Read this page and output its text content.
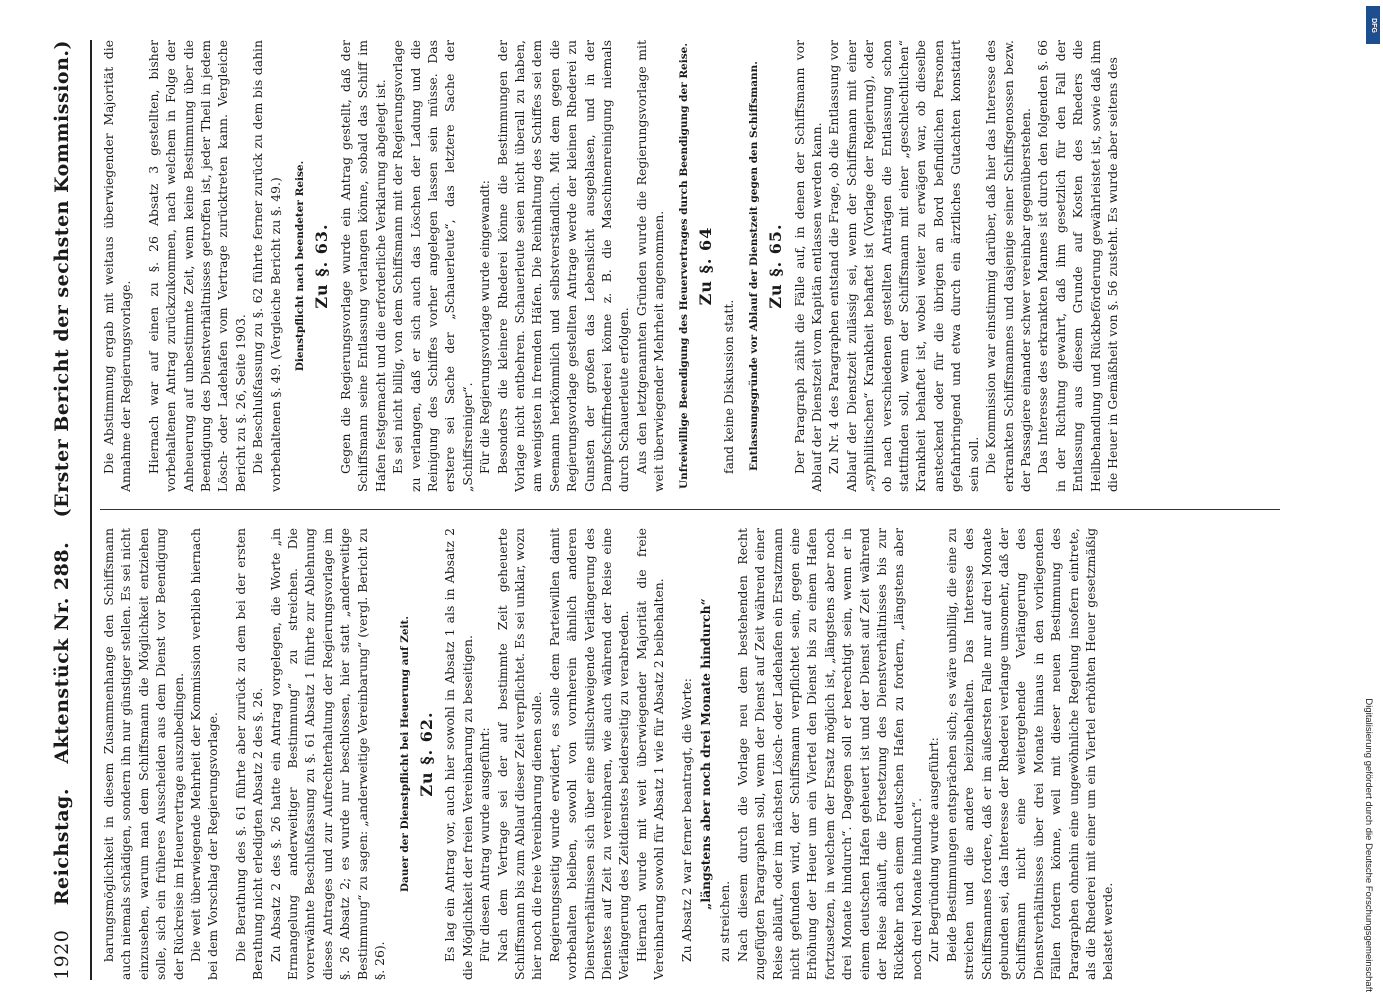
1920
Reichstag.
Aktenstück Nr. 288.
(Erster Bericht der sechsten Kommission.)

barungsmöglichkeit in diesem Zusammenhange den Schiffsmann auch niemals schädigen, sondern ihn nur günstiger stellen. Es sei nicht einzusehen, warum man dem Schiffsmann die Möglichkeit entziehen solle, sich ein früheres Ausscheiden aus dem Dienst vor Beendigung der Rückreise im Heuervertrage auszubedingen. Die weit überwiegende Mehrheit der Kommission verblieb hiernach bei dem Vorschlag der Regierungsvorlage. Die Berathung des §. 61 führte aber zurück zu dem bei der ersten Berathung nicht erledigten Absatz 2 des §. 26. Zu Absatz 2 des §. 26 hatte ein Antrag vorgelegen, die Worte „in Ermangelung anderweitiger Bestimmung“ zu streichen. Die vorerwähnte Beschlußfassung zu §. 61 Absatz 1 führte zur Ablehnung dieses Antrages und zur Aufrechterhaltung der Regierungsvorlage im §. 26 Absatz 2; es wurde nur beschlossen, hier statt „anderweitige Bestimmung“ zu sagen: „anderweitige Vereinbarung“ (vergl. Bericht zu §. 26).

Dauer der Dienstpflicht bei Heuerung auf Zeit. Zu §. 62. Es lag ein Antrag vor, auch hier sowohl in Absatz 1 als in Absatz 2 die Möglichkeit der freien Vereinbarung zu beseitigen. Für diesen Antrag wurde ausgeführt: Nach dem Vertrage sei der auf bestimmte Zeit geheuerte Schiffsmann bis zum Ablauf dieser Zeit verpflichtet. Es sei unklar, wozu hier noch die freie Vereinbarung dienen solle. Regierungsseitig wurde erwidert, es solle dem Parteiwillen damit vorbehalten bleiben, sowohl von vornherein ähnlich anderen Dienstverhältnissen sich über eine stillschweigende Verlängerung des Dienstes auf Zeit zu vereinbaren, wie auch während der Reise eine Verlängerung des Zeitdienstes beiderseitig zu verabreden. Hiernach wurde mit weit überwiegender Majorität die freie Vereinbarung sowohl für Absatz 1 wie für Absatz 2 beibehalten. Zu Absatz 2 war ferner beantragt, die Worte: „längstens aber noch drei Monate hindurch“

zu streichen. Nach diesem durch die Vorlage neu dem bestehenden Recht zugefügten Paragraphen soll, wenn der Dienst auf Zeit während einer Reise abläuft, oder im nächsten Lösch- oder Ladehafen ein Ersatzmann nicht gefunden wird, der Schiffsmann verpflichtet sein, gegen eine Erhöhung der Heuer um ein Viertel den Dienst bis zu einem Hafen fortzusetzen, in welchem der Ersatz möglich ist, „längstens aber noch drei Monate hindurch“. Dagegen soll er berechtigt sein, wenn er in einem deutschen Hafen geheuert ist und der Dienst auf Zeit während der Reise abläuft, die Fortsetzung des Dienstverhältnisses bis zur Rückkehr nach einem deutschen Hafen zu fordern, „längstens aber noch drei Monate hindurch“. Zur Begründung wurde ausgeführt: Beide Bestimmungen entsprächen sich; es wäre unbillig, die eine zu streichen und die andere beizubehalten. Das Interesse des Schiffsmannes fordere, daß er im äußersten Falle nur auf drei Monate gebunden sei, das Interesse der Rhederei verlange umsomehr, daß der Schiffsmann nicht eine weitergehende Verlängerung des Dienstverhältnisses über drei Monate hinaus in den vorliegenden Fällen fordern könne, weil mit dieser neuen Bestimmung des Paragraphen ohnehin eine ungewöhnliche Regelung insofern eintrete, als die Rhederei mit einer um ein Viertel erhöhten Heuer gesetzmäßig belastet werde.

Die Abstimmung ergab mit weitaus überwiegender Majorität die Annahme der Regierungsvorlage. Hiernach war auf einen zu §. 26 Absatz 3 gestellten, bisher vorbehaltenen Antrag zurückzukommen, nach welchem in Folge der Anheuerung auf unbestimmte Zeit, wenn keine Bestimmung über die Beendigung des Dienstverhältnisses getroffen ist, jeder Theil in jedem Lösch- oder Ladehafen vom Vertrage zurücktreten kann. Vergleiche Bericht zu §. 26, Seite 1903. Die Beschlußfassung zu §. 62 führte ferner zurück zu dem bis dahin vorbehaltenen §. 49. (Vergleiche Bericht zu §. 49.) Dienstpflicht nach beendeter Reise. Zu §. 63. Gegen die Regierungsvorlage wurde ein Antrag gestellt, daß der Schiffsmann seine Entlassung verlangen könne, sobald das Schiff im Hafen festgemacht und die erforderliche Verklarung abgelegt ist. Es sei nicht billig, von dem Schiffsmann mit der Regierungsvorlage zu verlangen, daß er sich auch das Löschen der Ladung und die Reinigung des Schiffes vorher angelegen lassen sein müsse. Das erstere sei Sache der „Schauerleute“, das letztere Sache der „Schiffsreiniger“. Für die Regierungsvorlage wurde eingewandt: Besonders die kleinere Rhederei könne die Bestimmungen der Vorlage nicht entbehren. Schauerleute seien nicht überall zu haben, am wenigsten in fremden Häfen. Die Reinhaltung des Schiffes sei dem Seemann herkömmlich und selbstverständlich. Mit dem gegen die Regierungsvorlage gestellten Antrage werde der kleinen Rhederei zu Gunsten der großen das Lebenslicht ausgeblasen, und in der Dampfschiffrhederei könne z. B. die Maschinenreinigung niemals durch Schauerleute erfolgen. Aus den letztgenannten Gründen wurde die Regierungsvorlage mit weit überwiegender Mehrheit angenommen. Unfreiwillige Beendigung des Heuervertrages durch Beendigung der Reise. Zu §. 64

fand keine Diskussion statt. Entlassungsgründe vor Ablauf der Dienstzeit gegen den Schiffsmann. Zu §. 65. Der Paragraph zählt die Fälle auf, in denen der Schiffsmann vor Ablauf der Dienstzeit vom Kapitän entlassen werden kann. Zu Nr. 4 des Paragraphen entstand die Frage, ob die Entlassung vor Ablauf der Dienstzeit zulässig sei, wenn der Schiffsmann mit einer „syphilitischen“ Krankheit behaftet ist (Vorlage der Regierung), oder ob nach verschiedenen gestellten Anträgen die Entlassung schon stattfinden soll, wenn der Schiffsmann mit einer „geschlechtlichen“ Krankheit behaftet ist, wobei weiter zu erwägen war, ob dieselbe ansteckend oder für die übrigen an Bord befindlichen Personen gefahrbringend und etwa durch ein ärztliches Gutachten konstatirt sein soll. Die Kommission war einstimmig darüber, daß hier das Interesse des erkrankten Schiffsmannes und dasjenige seiner Schiffsgenossen bezw. der Passagiere einander schwer vereinbar gegenüberstehen. Das Interesse des erkrankten Mannes ist durch den folgenden §. 66 in der Richtung gewahrt, daß ihm gesetzlich für den Fall der Entlassung aus diesem Grunde auf Kosten des Rheders die Heilbehandlung und Rückbeförderung gewährleistet ist, sowie daß ihm die Heuer in Gemäßheit von §. 56 zusteht. Es wurde aber seitens des

Digitalisierung gefördert durch die Deutsche Forschungsgemeinschaft
DFG
